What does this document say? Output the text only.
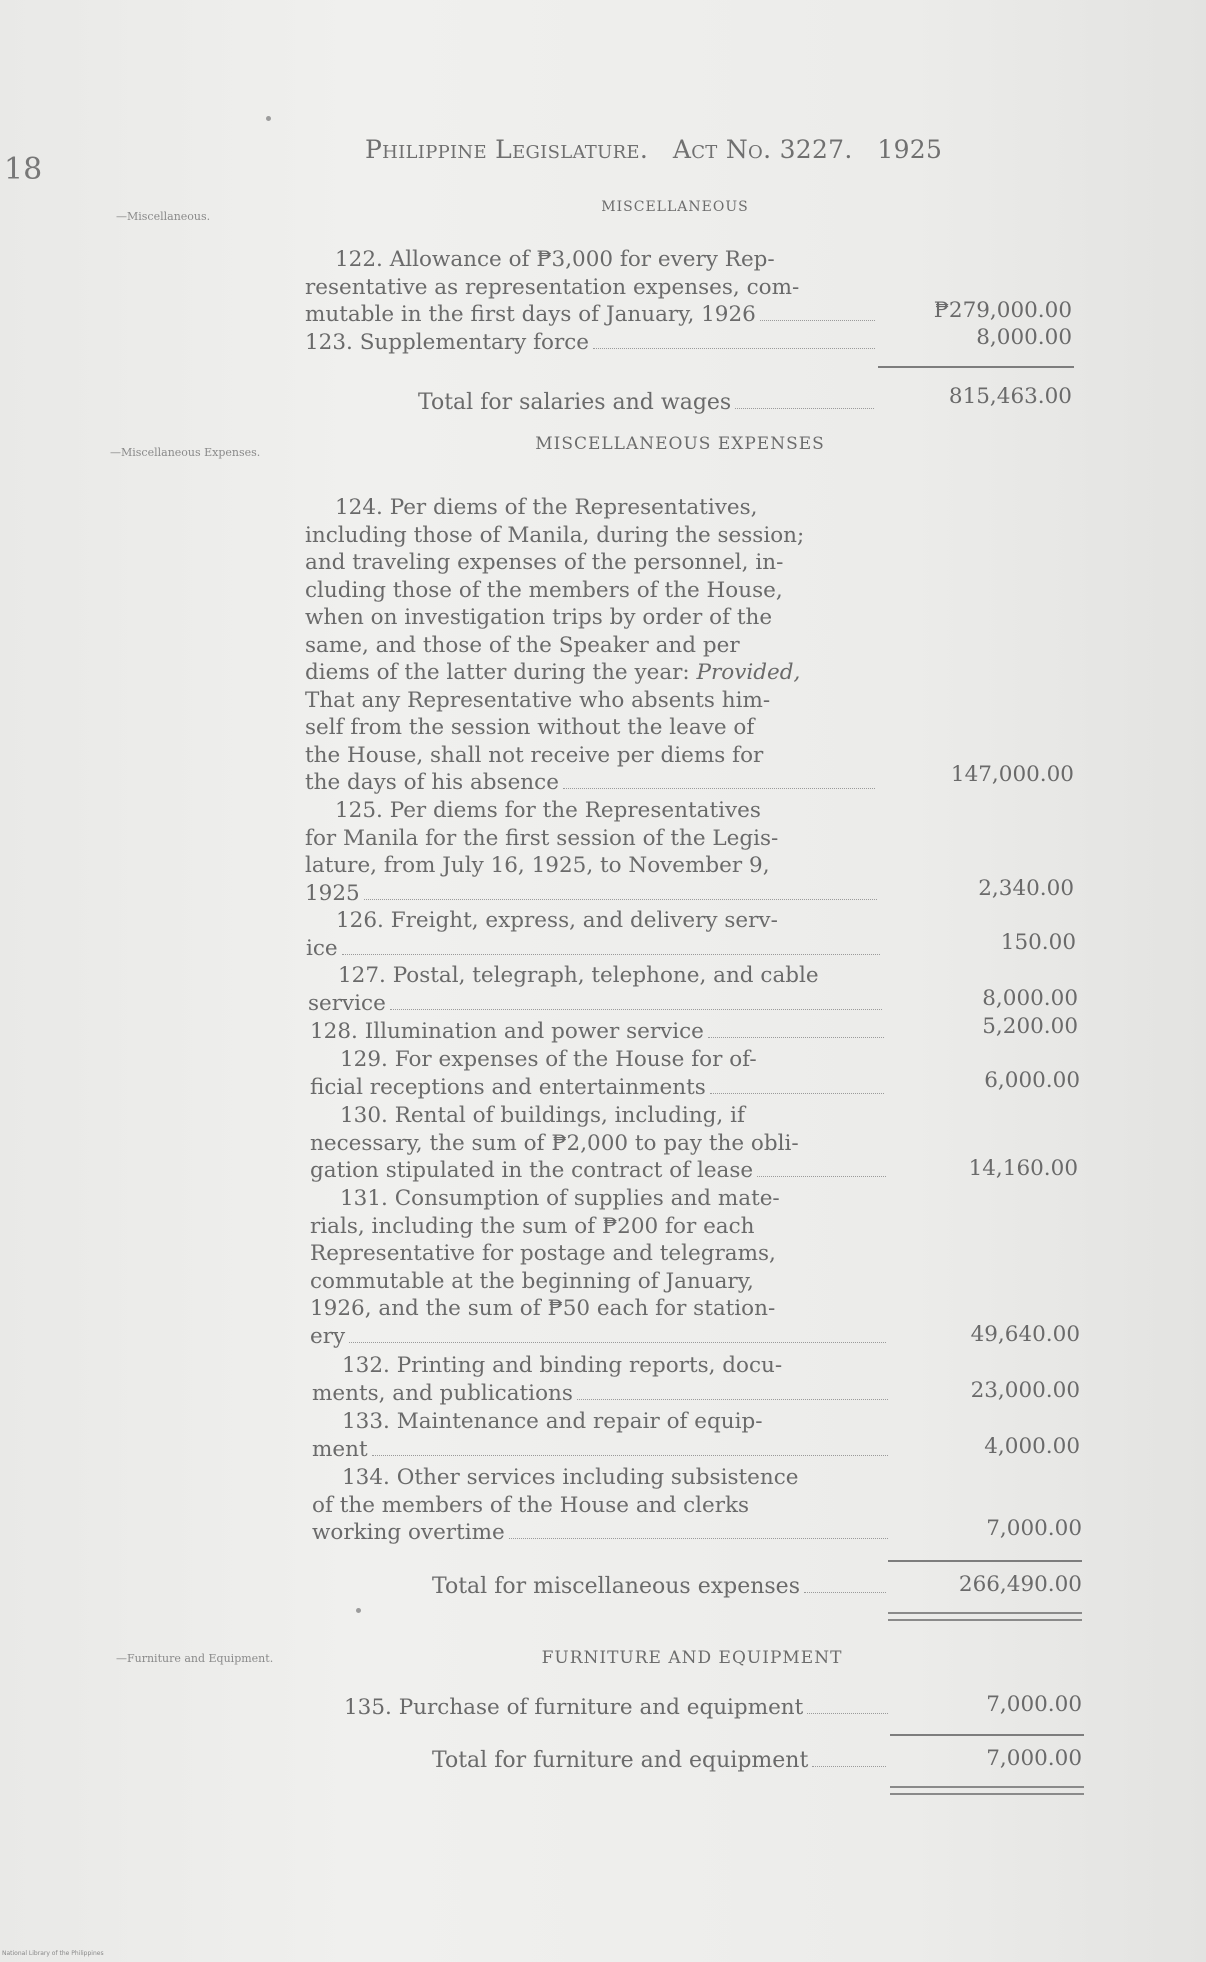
18
Philippine Legislature. Act No. 3227. 1925
—Miscellaneous.
MISCELLANEOUS

122. Allowance of ₱3,000 for every Rep-

resentative as representation expenses, com-

mutable in the first days of January, 1926	₱279,000.00
123. Supplementary force	8,000.00
Total for salaries and wages	815,463.00
—Miscellaneous Expenses.	MISCELLANEOUS EXPENSES

124. Per diems of the Representatives,

including those of Manila, during the session;

and traveling expenses of the personnel, in-

cluding those of the members of the House,

when on investigation trips by order of the

same, and those of the Speaker and per

diems of the latter during the year: Provided,

That any Representative who absents him-

self from the session without the leave of

the House, shall not receive per diems for

the days of his absence	147,000.00

125. Per diems for the Representatives

for Manila for the first session of the Legis-

lature, from July 16, 1925, to November 9,

1925	2,340.00

126. Freight, express, and delivery serv-

ice	150.00

127. Postal, telegraph, telephone, and cable

service	8,000.00
128. Illumination and power service	5,200.00

129. For expenses of the House for of-

ficial receptions and entertainments	6,000.00

130. Rental of buildings, including, if

necessary, the sum of ₱2,000 to pay the obli-

gation stipulated in the contract of lease	14,160.00

131. Consumption of supplies and mate-

rials, including the sum of ₱200 for each

Representative for postage and telegrams,

commutable at the beginning of January,

1926, and the sum of ₱50 each for station-

ery	49,640.00

132. Printing and binding reports, docu-

ments, and publications	23,000.00

133. Maintenance and repair of equip-

ment	4,000.00

134. Other services including subsistence

of the members of the House and clerks

working overtime	7,000.00
Total for miscellaneous expenses	266,490.00
—Furniture and Equipment.	FURNITURE AND EQUIPMENT
135. Purchase of furniture and equipment	7,000.00
Total for furniture and equipment	7,000.00
National Library of the Philippines
